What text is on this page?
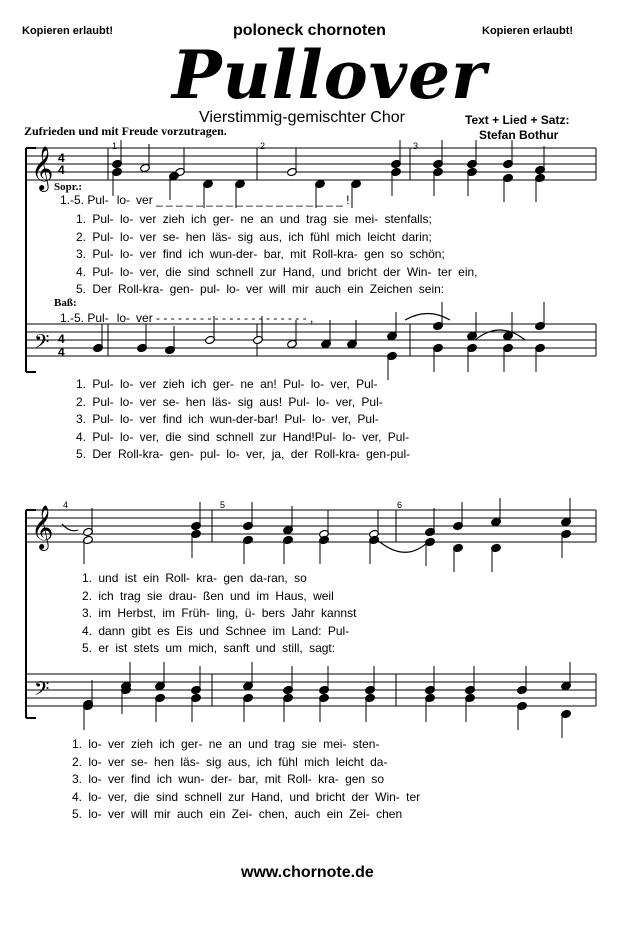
Kopieren erlaubt!	poloneck chornoten	Kopieren erlaubt!
Pullover
Vierstimmig-gemischter Chor	Text + Lied + Satz:
Stefan Bothur
Zufrieden und mit Freude vorzutragen.
1	2	3
Sopr.:
1.-5. Pul- lo- ver _ _ _ _ _ _ _ _ _ _ _ _ _ _ _ _ _ _ _ !
1. Pul- lo- ver zieh ich ger- ne an und trag sie mei- stenfalls;
2. Pul- lo- ver se- hen läs- sig aus, ich fühl mich leicht darin;
3. Pul- lo- ver find ich wun-der- bar, mit Roll-kra- gen so schön;
4. Pul- lo- ver, die sind schnell zur Hand, und bricht der Win- ter ein,
5. Der Roll-kra- gen- pul- lo- ver will mir auch ein Zeichen sein:
Baß:
1.-5. Pul- lo- ver - - - - - - - - - - - - - - - - - - - - - ,
1. Pul- lo- ver zieh ich ger- ne an! Pul- lo- ver, Pul-
2. Pul- lo- ver se- hen läs- sig aus! Pul- lo- ver, Pul-
3. Pul- lo- ver find ich wun-der-bar! Pul- lo- ver, Pul-
4. Pul- lo- ver, die sind schnell zur Hand!Pul- lo- ver, Pul-
5. Der Roll-kra- gen- pul- lo- ver, ja, der Roll-kra- gen-pul-
4	5	6
1. und ist ein Roll- kra- gen da-ran, so
2. ich trag sie drau- ßen und im Haus, weil
3. im Herbst, im Früh- ling, ü- bers Jahr kannst
4. dann gibt es Eis und Schnee im Land: Pul-
5. er ist stets um mich, sanft und still, sagt:
1. lo- ver zieh ich ger- ne an und trag sie mei- sten-
2. lo- ver se- hen läs- sig aus, ich fühl mich leicht da-
3. lo- ver find ich wun- der- bar, mit Roll- kra- gen so
4. lo- ver, die sind schnell zur Hand, und bricht der Win- ter
5. lo- ver will mir auch ein Zei- chen, auch ein Zei- chen
www.chornote.de
𝄞
𝄢
𝄞
𝄢
4
4
4
4
